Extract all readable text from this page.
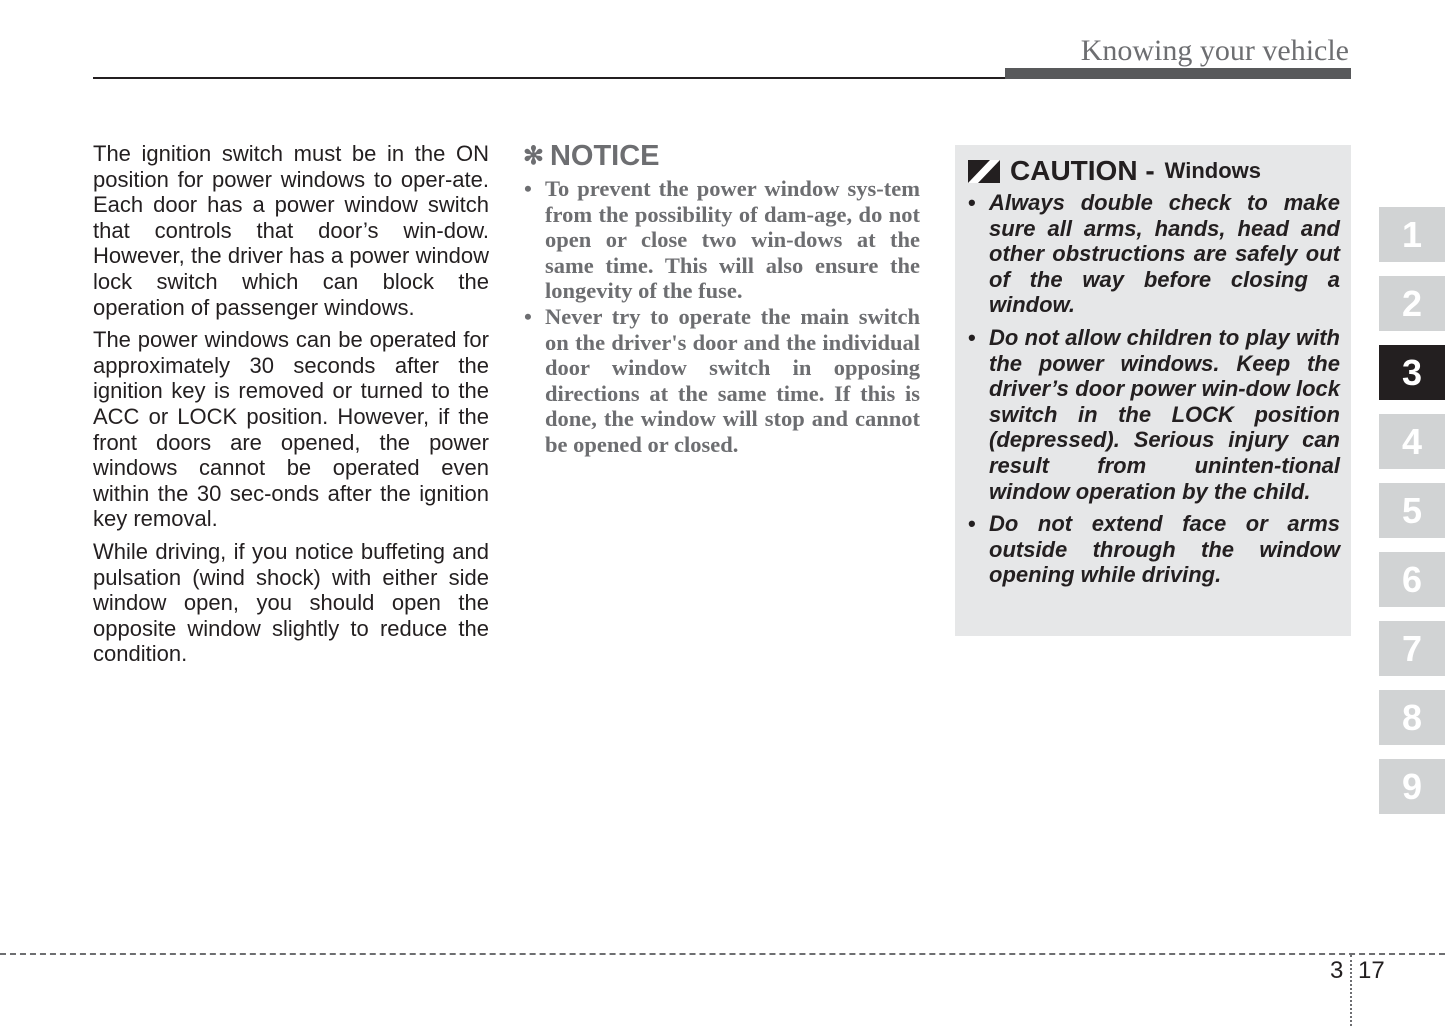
Knowing your vehicle

The ignition switch must be in the ON position for power windows to oper-ate. Each door has a power window switch that controls that door’s win-dow. However, the driver has a power window lock switch which can block the operation of passenger windows.

The power windows can be operated for approximately 30 seconds after the ignition key is removed or turned to the ACC or LOCK position. However, if the front doors are opened, the power windows cannot be operated even within the 30 sec-onds after the ignition key removal.

While driving, if you notice buffeting and pulsation (wind shock) with either side window open, you should open the opposite window slightly to reduce the condition.

✻ NOTICE
• To prevent the power window sys-tem from the possibility of dam-age, do not open or close two win-dows at the same time. This will also ensure the longevity of the fuse.
• Never try to operate the main switch on the driver's door and the individual door window switch in opposing directions at the same time. If this is done, the window will stop and cannot be opened or closed.
CAUTION - Windows
• Always double check to make sure all arms, hands, head and other obstructions are safely out of the way before closing a window.
• Do not allow children to play with the power windows. Keep the driver’s door power win-dow lock switch in the LOCK position (depressed). Serious injury can result from uninten-tional window operation by the child.
• Do not extend face or arms outside through the window opening while driving.
1
2
3
4
5
6
7
8
9
3 17
